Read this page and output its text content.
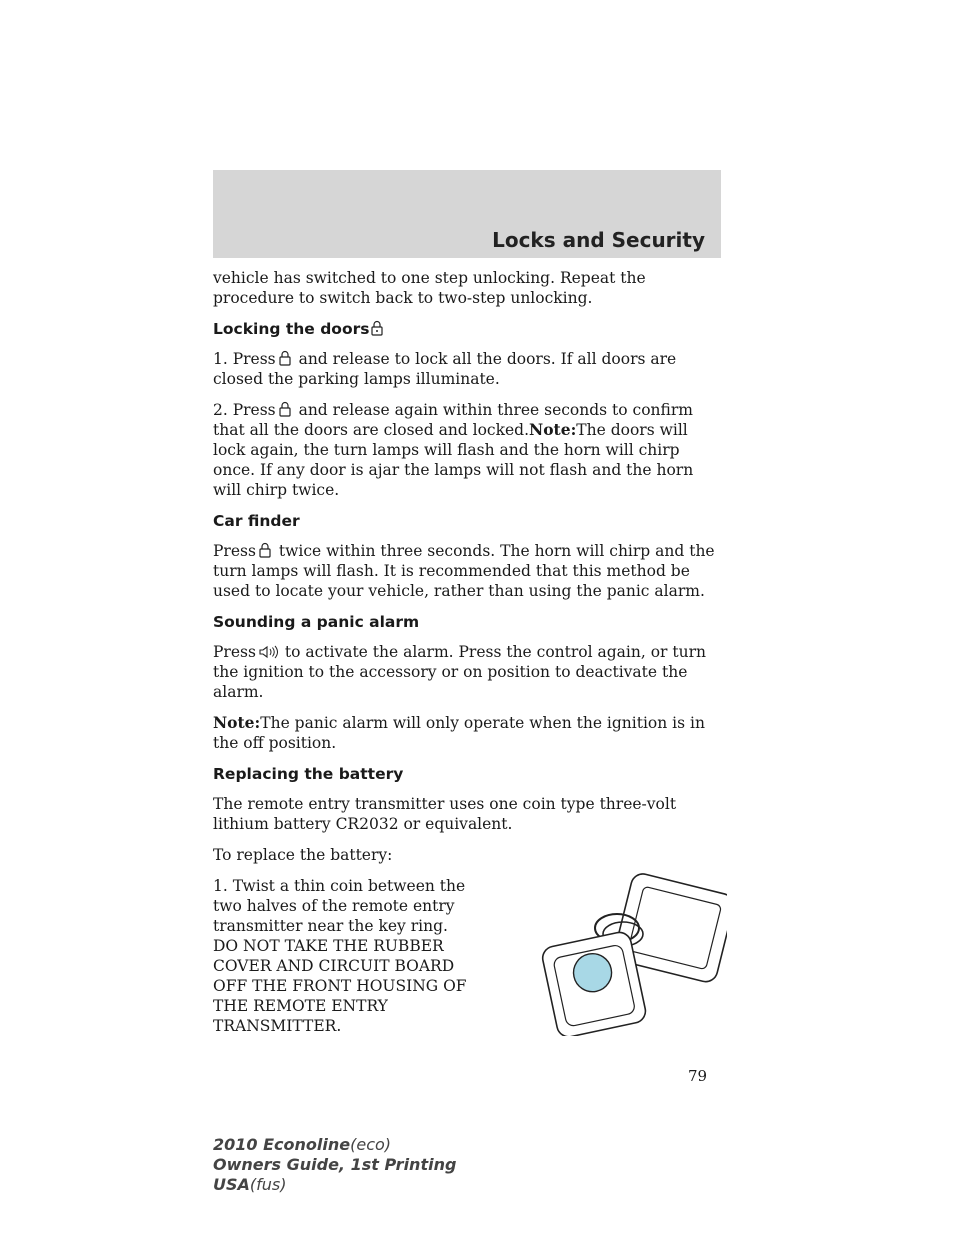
Locks and Security

vehicle has switched to one step unlocking. Repeat the procedure to switch back to two-step unlocking.

Locking the doors

1. Press and release to lock all the doors. If all doors are closed the parking lamps illuminate.

2. Press and release again within three seconds to confirm that all the doors are closed and locked.Note:The doors will lock again, the turn lamps will flash and the horn will chirp once. If any door is ajar the lamps will not flash and the horn will chirp twice.

Car finder

Press twice within three seconds. The horn will chirp and the turn lamps will flash. It is recommended that this method be used to locate your vehicle, rather than using the panic alarm.

Sounding a panic alarm

Press to activate the alarm. Press the control again, or turn the ignition to the accessory or on position to deactivate the alarm.

Note:The panic alarm will only operate when the ignition is in the off position.

Replacing the battery

The remote entry transmitter uses one coin type three-volt lithium battery CR2032 or equivalent.

To replace the battery:

1. Twist a thin coin between the two halves of the remote entry transmitter near the key ring. DO NOT TAKE THE RUBBER COVER AND CIRCUIT BOARD OFF THE FRONT HOUSING OF THE REMOTE ENTRY TRANSMITTER.

79
2010 Econoline(eco)
Owners Guide, 1st Printing
USA(fus)
